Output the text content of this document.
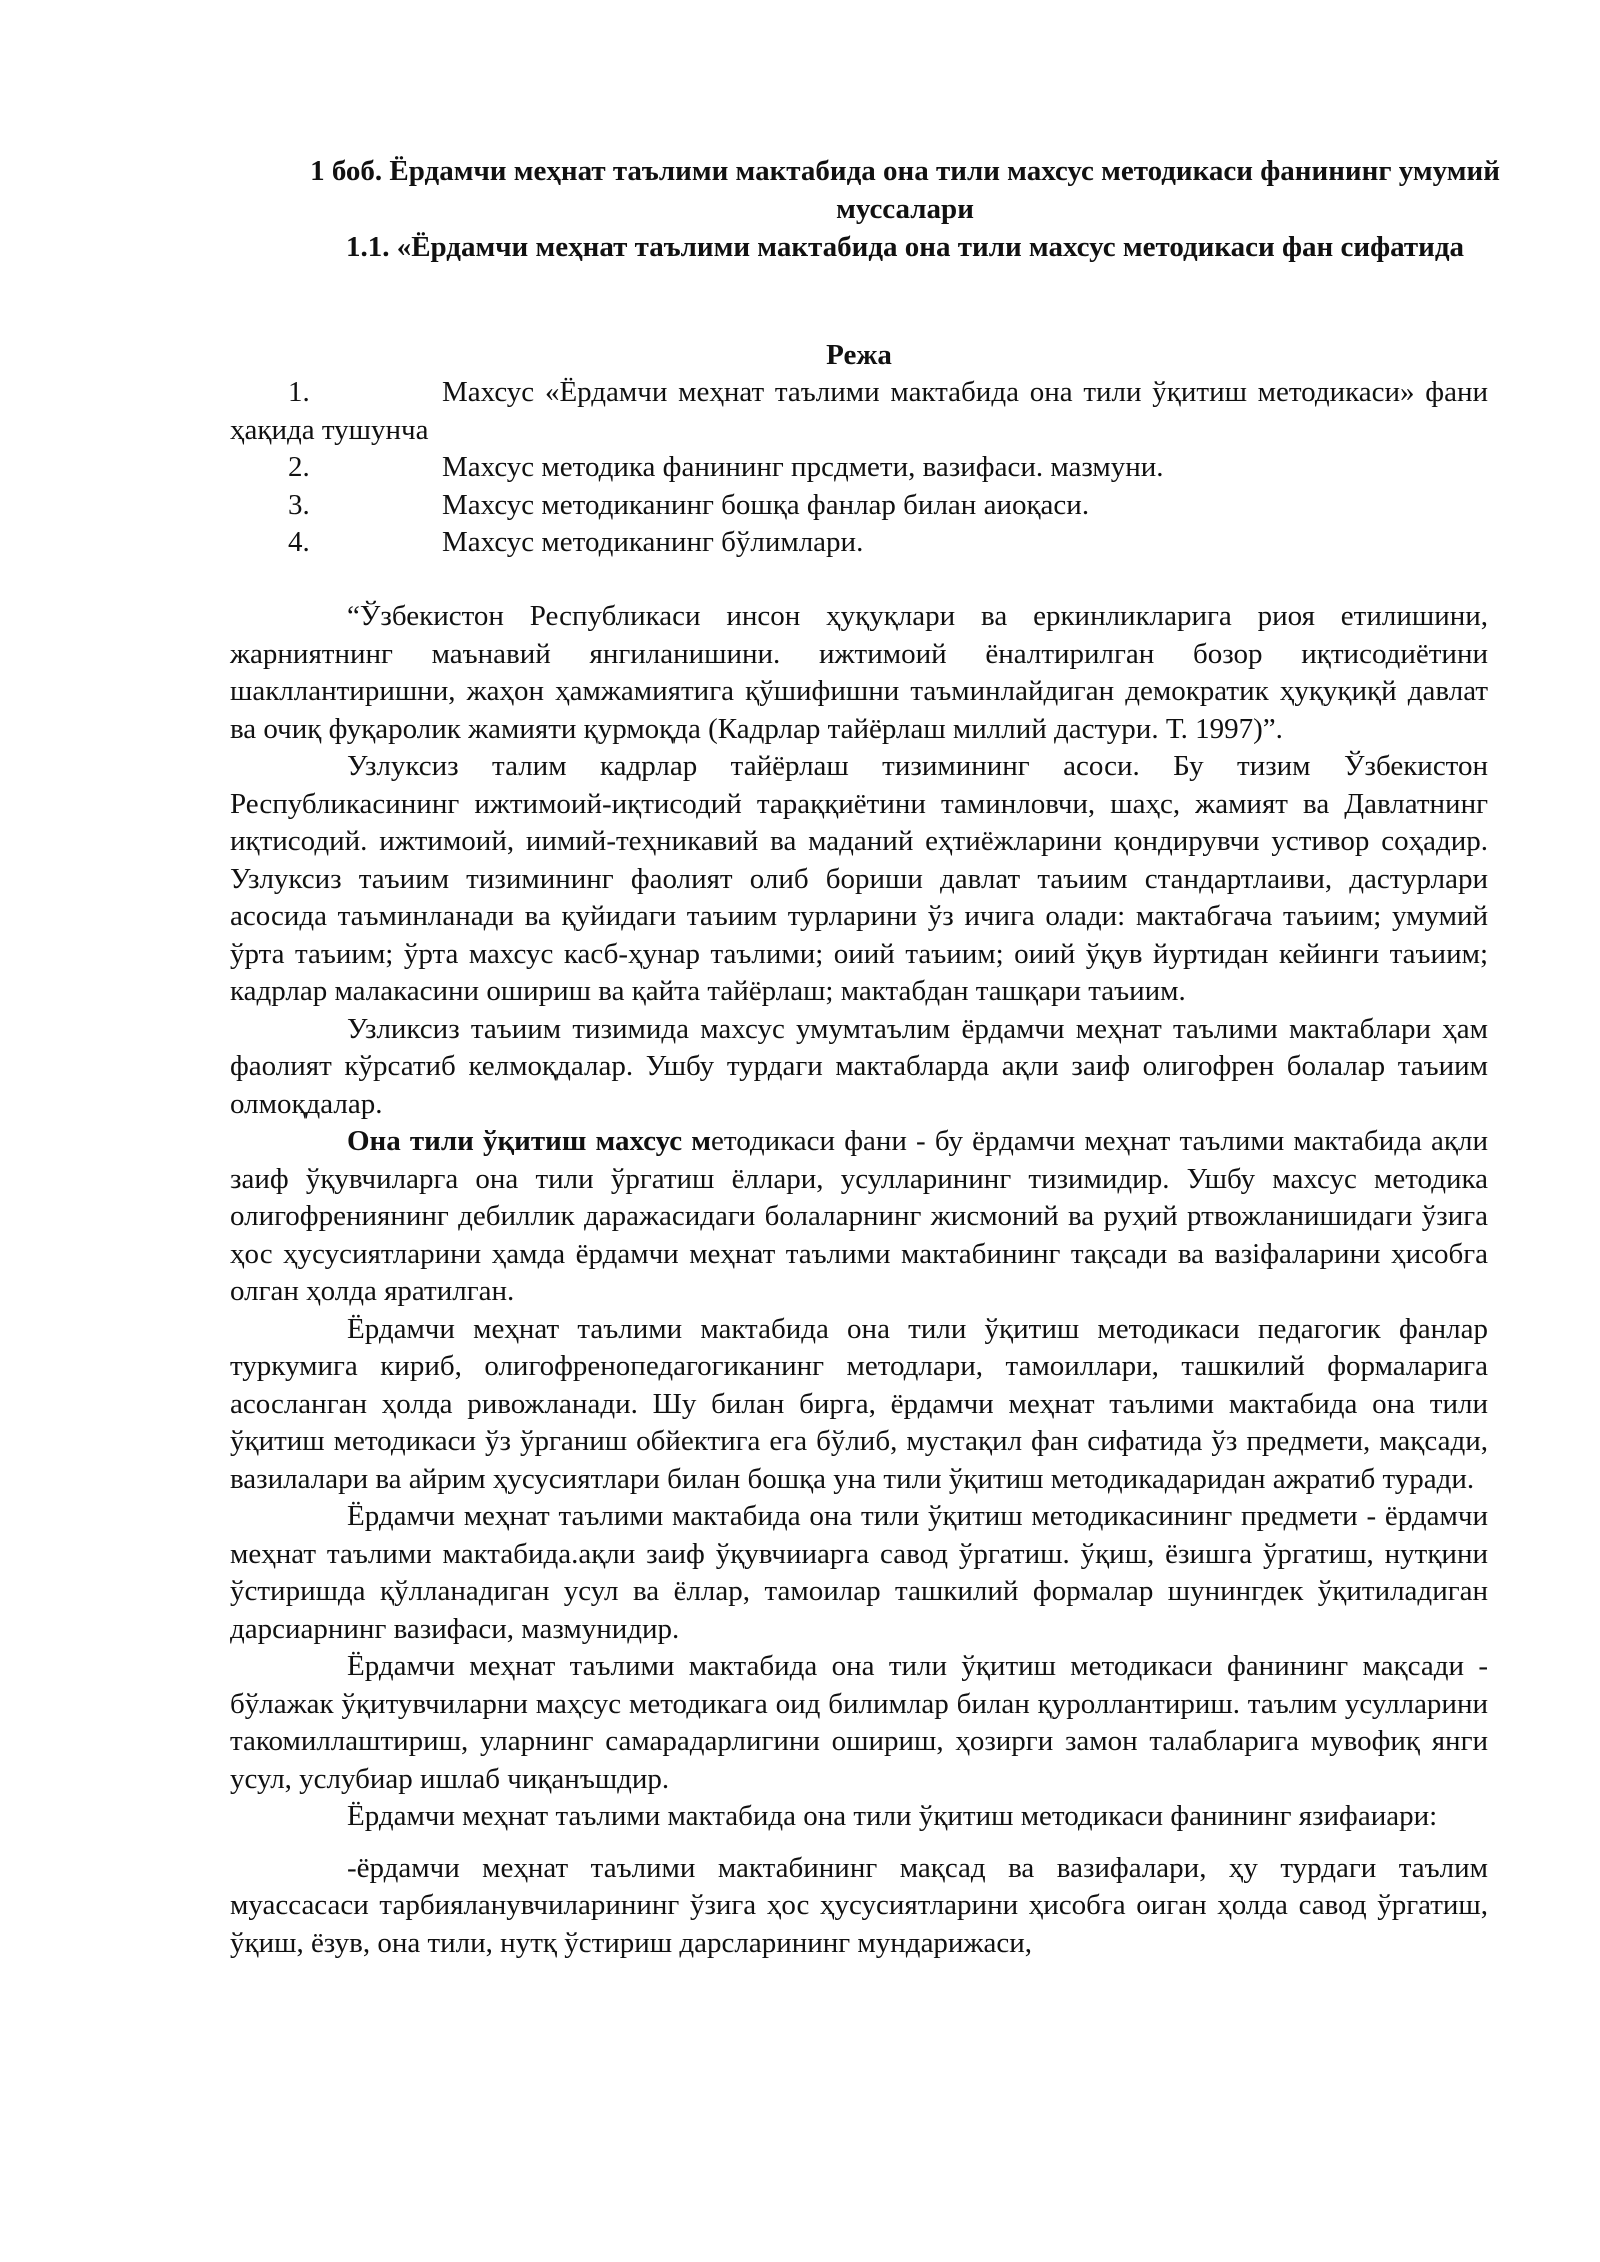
1 боб. Ёрдамчи меҳнат таълими мактабида она тили махсус методикаси фанининг умумий муссалари
1.1. «Ёрдамчи меҳнат таълими мактабида она тили махсус методикаси фан сифатида
Режа
1.	Махсус «Ёрдамчи меҳнат таълими мактабида она тили ўқитиш методикаси» фани ҳақида тушунча
2.	Махсус методика фанининг прсдмети, вазифаси. мазмуни.
3.	Махсус методиканинг бошқа фанлар билан аиоқаси.
4.	Махсус методиканинг бўлимлари.

“Ўзбекистон Республикаси инсон ҳуқуқлари ва еркинликларига риоя етилишини, жарниятнинг маънавий янгиланишини. ижтимоий ёналтирилган бозор иқтисодиётини шакллантиришни, жаҳон ҳамжамиятига қўшифишни таъминлайдиган демократик ҳуқуқиқй давлат ва очиқ фуқаролик жамияти қурмоқда (Кадрлар тайёрлаш миллий дастури. Т. 1997)”.

Узлуксиз талим кадрлар тайёрлаш тизимининг асоси. Бу тизим Ўзбекистон Республикасининг ижтимоий-иқтисодий тараққиётини таминловчи, шаҳс, жамият ва Давлатнинг иқтисодий. ижтимоий, иимий-теҳникавий ва маданий еҳтиёжларини қондирувчи устивор соҳадир. Узлуксиз таъиим тизимининг фаолият олиб бориши давлат таъиим стандартлаиви, дастурлари асосида таъминланади ва қуйидаги таъиим турларини ўз ичига олади: мактабгача таъиим; умумий ўрта таъиим; ўрта махсус касб-ҳунар таълими; оиий таъиим; оиий ўқув йуртидан кейинги таъиим; кадрлар малакасини ошириш ва қайта тайёрлаш; мактабдан ташқари таъиим.

Узликсиз таъиим тизимида махсус умумтаълим ёрдамчи меҳнат таълими мактаблари ҳам фаолият кўрсатиб келмоқдалар. Ушбу турдаги мактабларда ақли заиф олигофрен болалар таъиим олмоқдалар.

Она тили ўқитиш махсус методикаси фани - бу ёрдамчи меҳнат таълими мактабида ақли заиф ўқувчиларга она тили ўргатиш ёллари, усулларининг тизимидир. Ушбу махсус методика олигофрениянинг дебиллик даражасидаги болаларнинг жисмоний ва руҳий ртвожланишидаги ўзига ҳос ҳусусиятларини ҳамда ёрдамчи меҳнат таълими мактабининг тақсади ва вазіфаларини ҳисобга олган ҳолда яратилган.

Ёрдамчи меҳнат таълими мактабида она тили ўқитиш методикаси педагогик фанлар туркумига кириб, олигофренопедагогиканинг методлари, тамоиллари, ташкилий формаларига асосланган ҳолда ривожланади. Шу билан бирга, ёрдамчи меҳнат таълими мактабида она тили ўқитиш методикаси ўз ўрганиш обйектига ега бўлиб, мустақил фан сифатида ўз предмети, мақсади, вазилалари ва айрим ҳусусиятлари билан бошқа уна тили ўқитиш методикадаридан ажратиб туради.

Ёрдамчи меҳнат таълими мактабида она тили ўқитиш методикасининг предмети - ёрдамчи меҳнат таълими мактабида.ақли заиф ўқувчииарга савод ўргатиш. ўқиш, ёзишга ўргатиш, нутқини ўстиришда қўлланадиган усул ва ёллар, тамоилар ташкилий формалар шунингдек ўқитиладиган дарсиарнинг вазифаси, мазмунидир.

Ёрдамчи меҳнат таълими мактабида она тили ўқитиш методикаси фанининг мақсади - бўлажак ўқитувчиларни маҳсус методикага оид билимлар билан қуроллантириш. таълим усулларини такомиллаштириш, уларнинг самарадарлигини ошириш, ҳозирги замон талабларига мувофиқ янги усул, услубиар ишлаб чиқанъшдир.

Ёрдамчи меҳнат таълими мактабида она тили ўқитиш методикаси фанининг язифаиари:

-ёрдамчи меҳнат таълими мактабининг мақсад ва вазифалари, ҳу турдаги таълим муассасаси тарбияланувчиларининг ўзига ҳос ҳусусиятларини ҳисобга оиган ҳолда савод ўргатиш, ўқиш, ёзув, она тили, нутқ ўстириш дарсларининг мундарижаси,
